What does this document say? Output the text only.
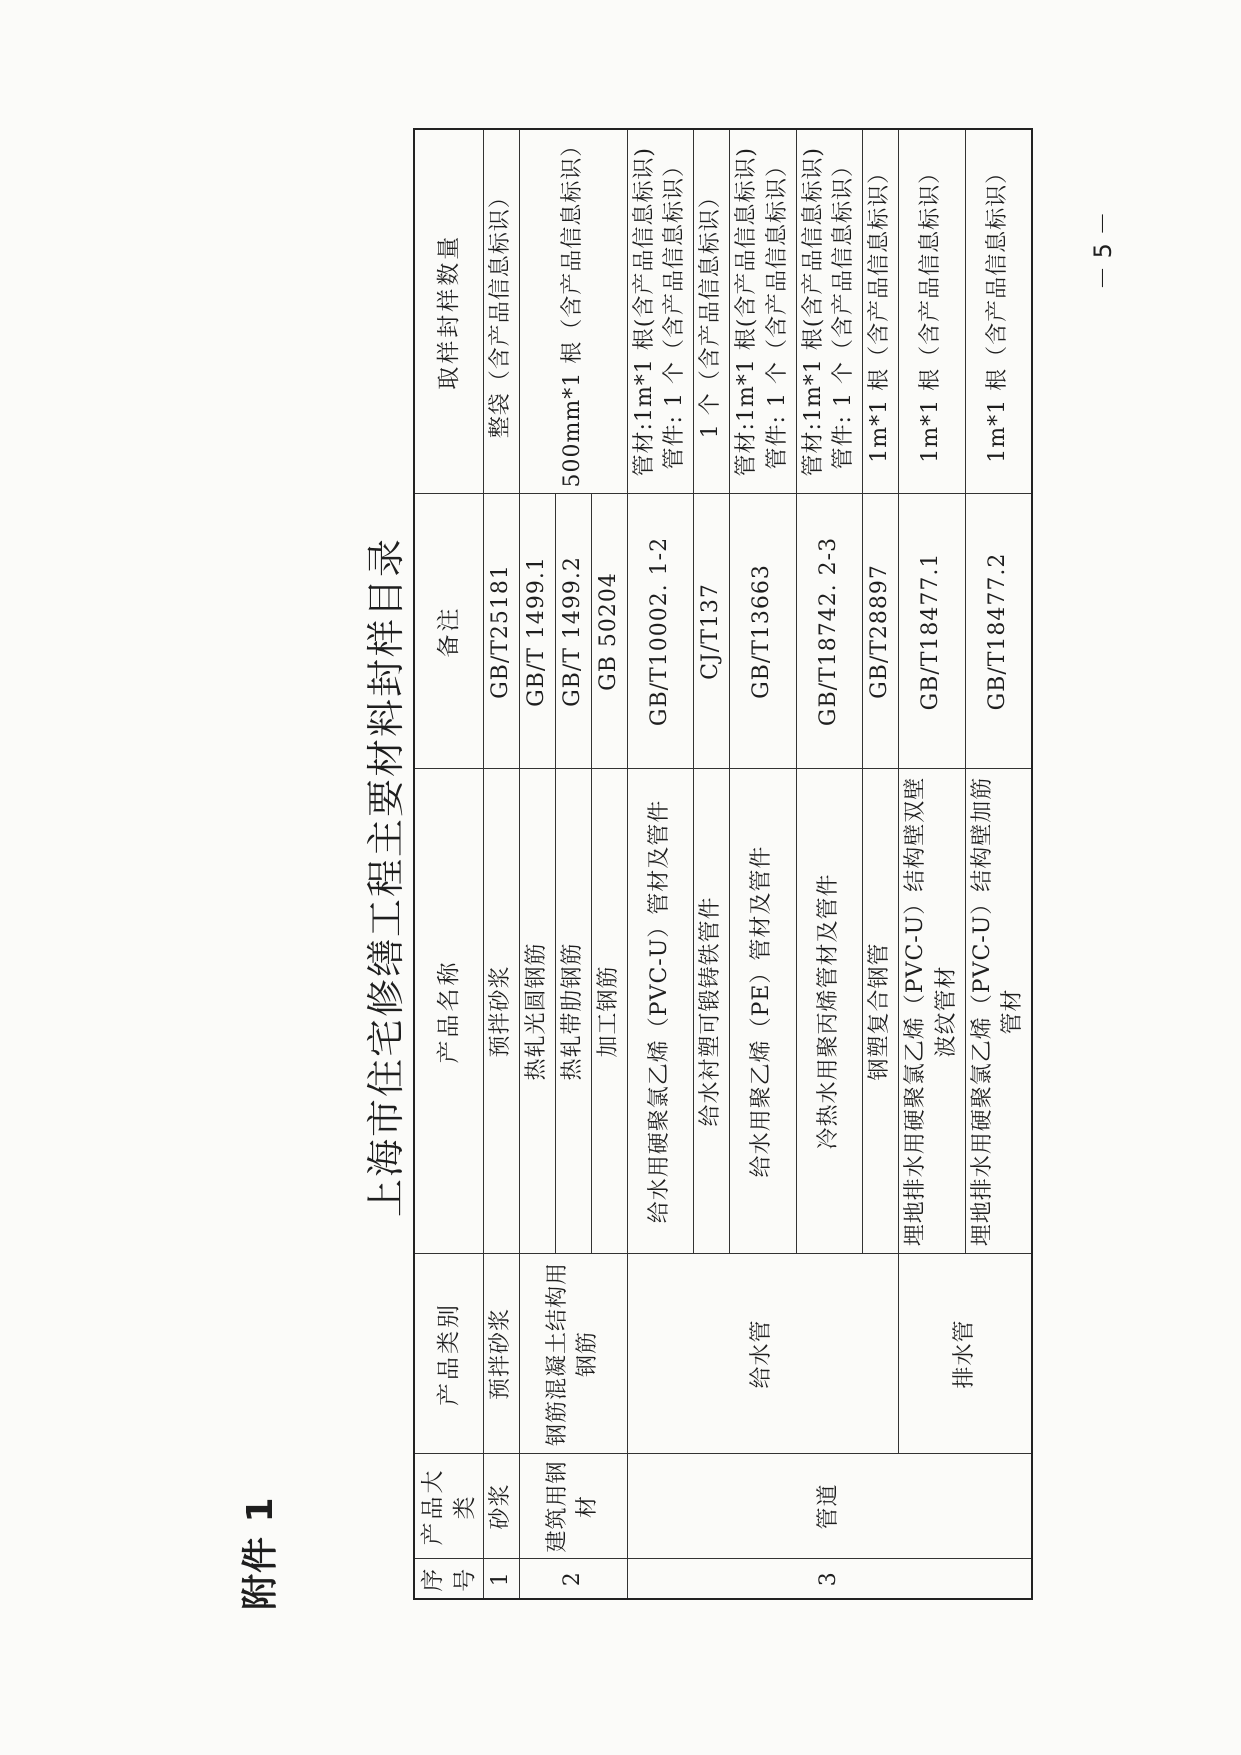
附件 1
上海市住宅修缮工程主要材料封样目录
序号	产品大类	产品类别	产品名称	备注	取样封样数量
1	砂浆	预拌砂浆	预拌砂浆	GB/T25181	整袋（含产品信息标识）
2	建筑用钢材	钢筋混凝土结构用钢筋	热轧光圆钢筋	GB/T 1499.1	500mm*1 根（含产品信息标识）
			热轧带肋钢筋	GB/T 1499.2	
			加工钢筋	GB 50204	
3	管道	给水管	给水用硬聚氯乙烯（PVC-U）管材及管件	GB/T10002. 1-2	管材:1m*1 根(含产品信息标识) 管件: 1 个（含产品信息标识）

			给水衬塑可锻铸铁管件	CJ/T137	1 个（含产品信息标识）
			给水用聚乙烯（PE）管材及管件	GB/T13663	管材:1m*1 根(含产品信息标识) 管件: 1 个（含产品信息标识）

			冷热水用聚丙烯管材及管件	GB/T18742. 2-3	管材:1m*1 根(含产品信息标识) 管件: 1 个（含产品信息标识）

			钢塑复合钢管	GB/T28897	1m*1 根（含产品信息标识）
		排水管	埋地排水用硬聚氯乙烯（PVC-U）结构壁双壁波纹管材	GB/T18477.1	1m*1 根（含产品信息标识）
			埋地排水用硬聚氯乙烯（PVC-U）结构壁加筋管材	GB/T18477.2	1m*1 根（含产品信息标识）	－ 5 －
